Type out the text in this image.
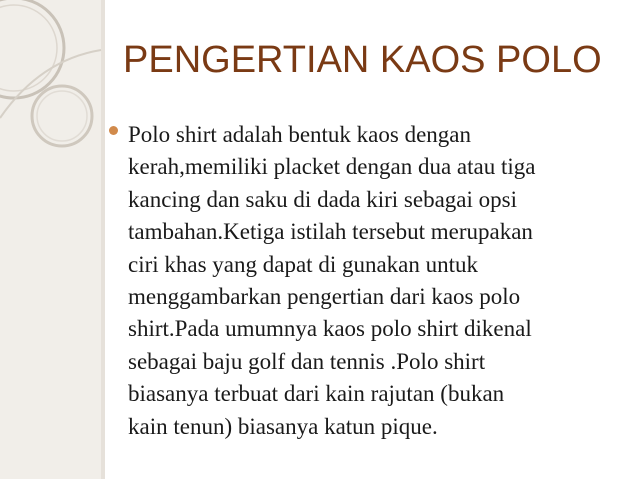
PENGERTIAN KAOS POLO

Polo shirt adalah bentuk kaos dengan
kerah,memiliki placket dengan dua atau tiga
kancing dan saku di dada kiri sebagai opsi
tambahan.Ketiga istilah tersebut merupakan
ciri khas yang dapat di gunakan untuk
menggambarkan pengertian dari kaos polo
shirt.Pada umumnya kaos polo shirt dikenal
sebagai baju golf dan tennis .Polo shirt
biasanya terbuat dari kain rajutan (bukan
kain tenun) biasanya katun pique.
